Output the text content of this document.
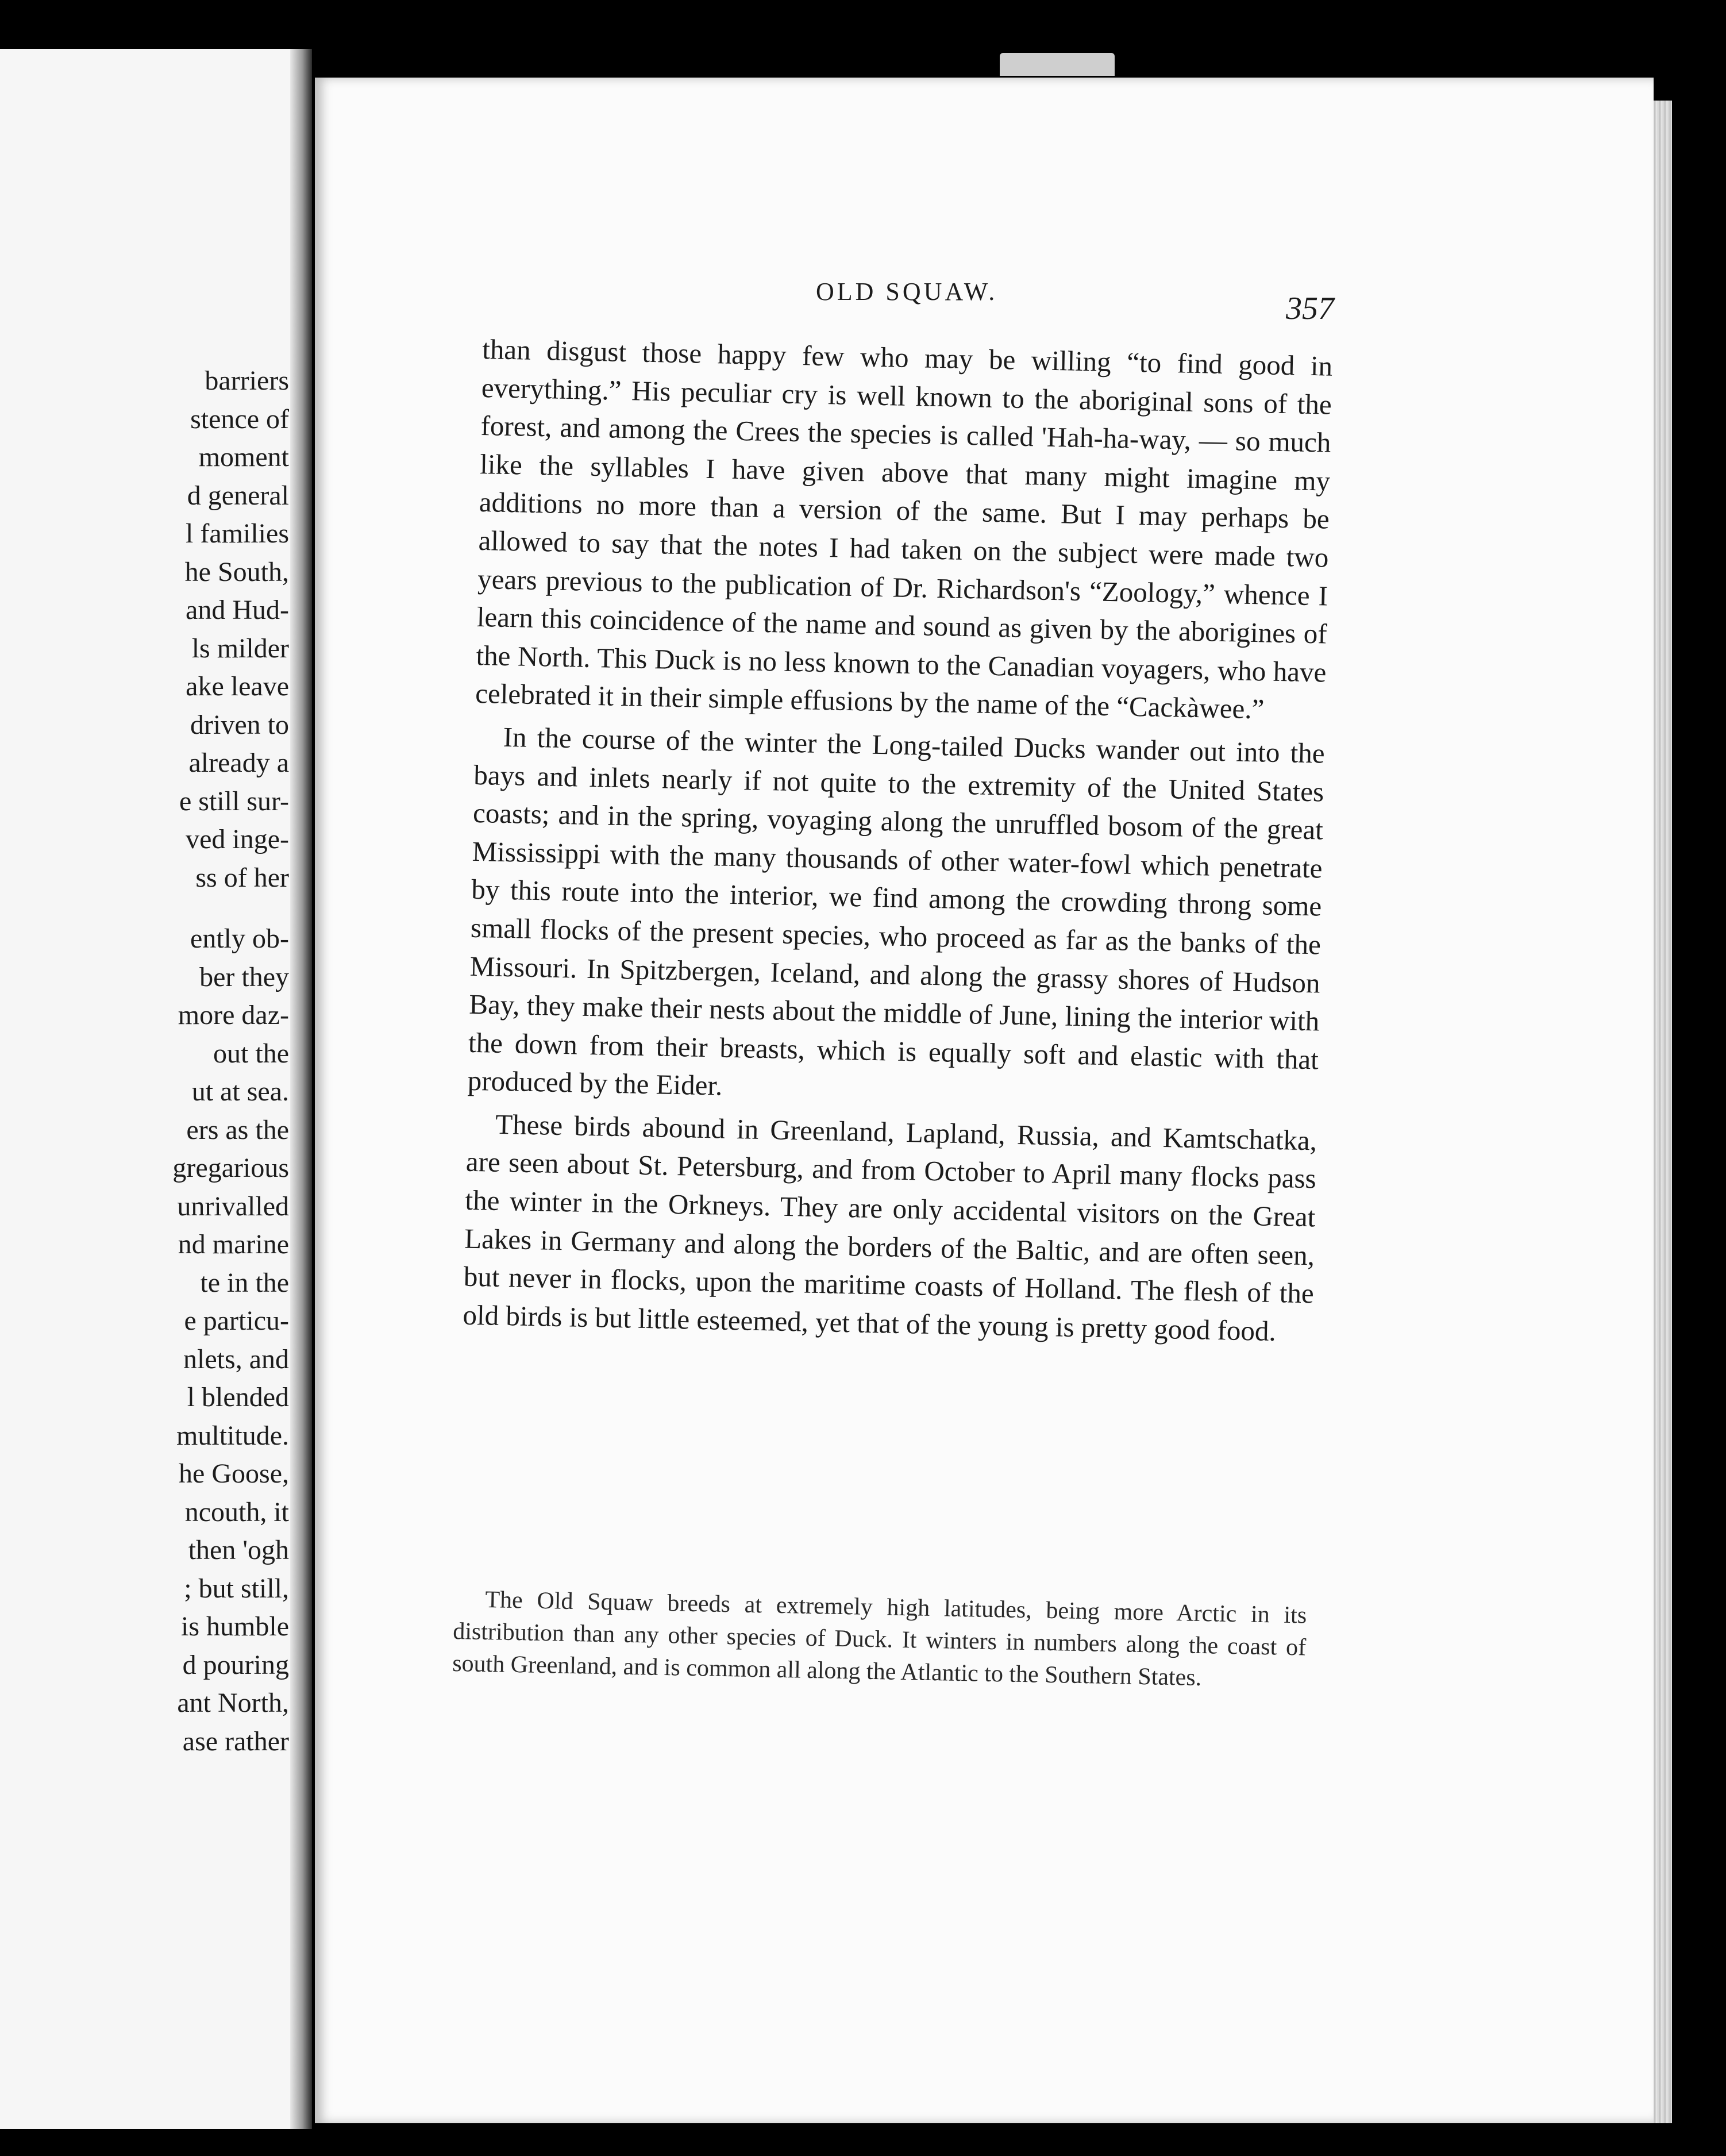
barriers
stence of
moment
d general
l families
he South,
and Hud-
ls milder
ake leave
driven to
already a
e still sur-
ved inge-
ss of her
ently ob-
ber they
more daz-
out the
ut at sea.
ers as the
gregarious
unrivalled
nd marine
te in the
e particu-
nlets, and
l blended
multitude.
he Goose,
ncouth, it
then 'ogh
; but still,
is humble
d pouring
ant North,
ase rather
OLD SQUAW.	357

than disgust those happy few who may be willing “to find good in everything.” His peculiar cry is well known to the aboriginal sons of the forest, and among the Crees the species is called 'Hah-ha-way, — so much like the syllables I have given above that many might imagine my additions no more than a version of the same. But I may perhaps be allowed to say that the notes I had taken on the subject were made two years previous to the publication of Dr. Richardson's “Zoology,” whence I learn this coincidence of the name and sound as given by the aborigines of the North. This Duck is no less known to the Canadian voyagers, who have celebrated it in their simple effusions by the name of the “Cackàwee.”

In the course of the winter the Long-tailed Ducks wander out into the bays and inlets nearly if not quite to the extremity of the United States coasts; and in the spring, voyaging along the unruffled bosom of the great Mississippi with the many thousands of other water-fowl which penetrate by this route into the interior, we find among the crowding throng some small flocks of the present species, who proceed as far as the banks of the Missouri. In Spitzbergen, Iceland, and along the grassy shores of Hudson Bay, they make their nests about the middle of June, lining the interior with the down from their breasts, which is equally soft and elastic with that produced by the Eider.

These birds abound in Greenland, Lapland, Russia, and Kamtschatka, are seen about St. Petersburg, and from October to April many flocks pass the winter in the Orkneys. They are only accidental visitors on the Great Lakes in Germany and along the borders of the Baltic, and are often seen, but never in flocks, upon the maritime coasts of Holland. The flesh of the old birds is but little esteemed, yet that of the young is pretty good food.

The Old Squaw breeds at extremely high latitudes, being more Arctic in its distribution than any other species of Duck. It winters in numbers along the coast of south Greenland, and is common all along the Atlantic to the Southern States.
